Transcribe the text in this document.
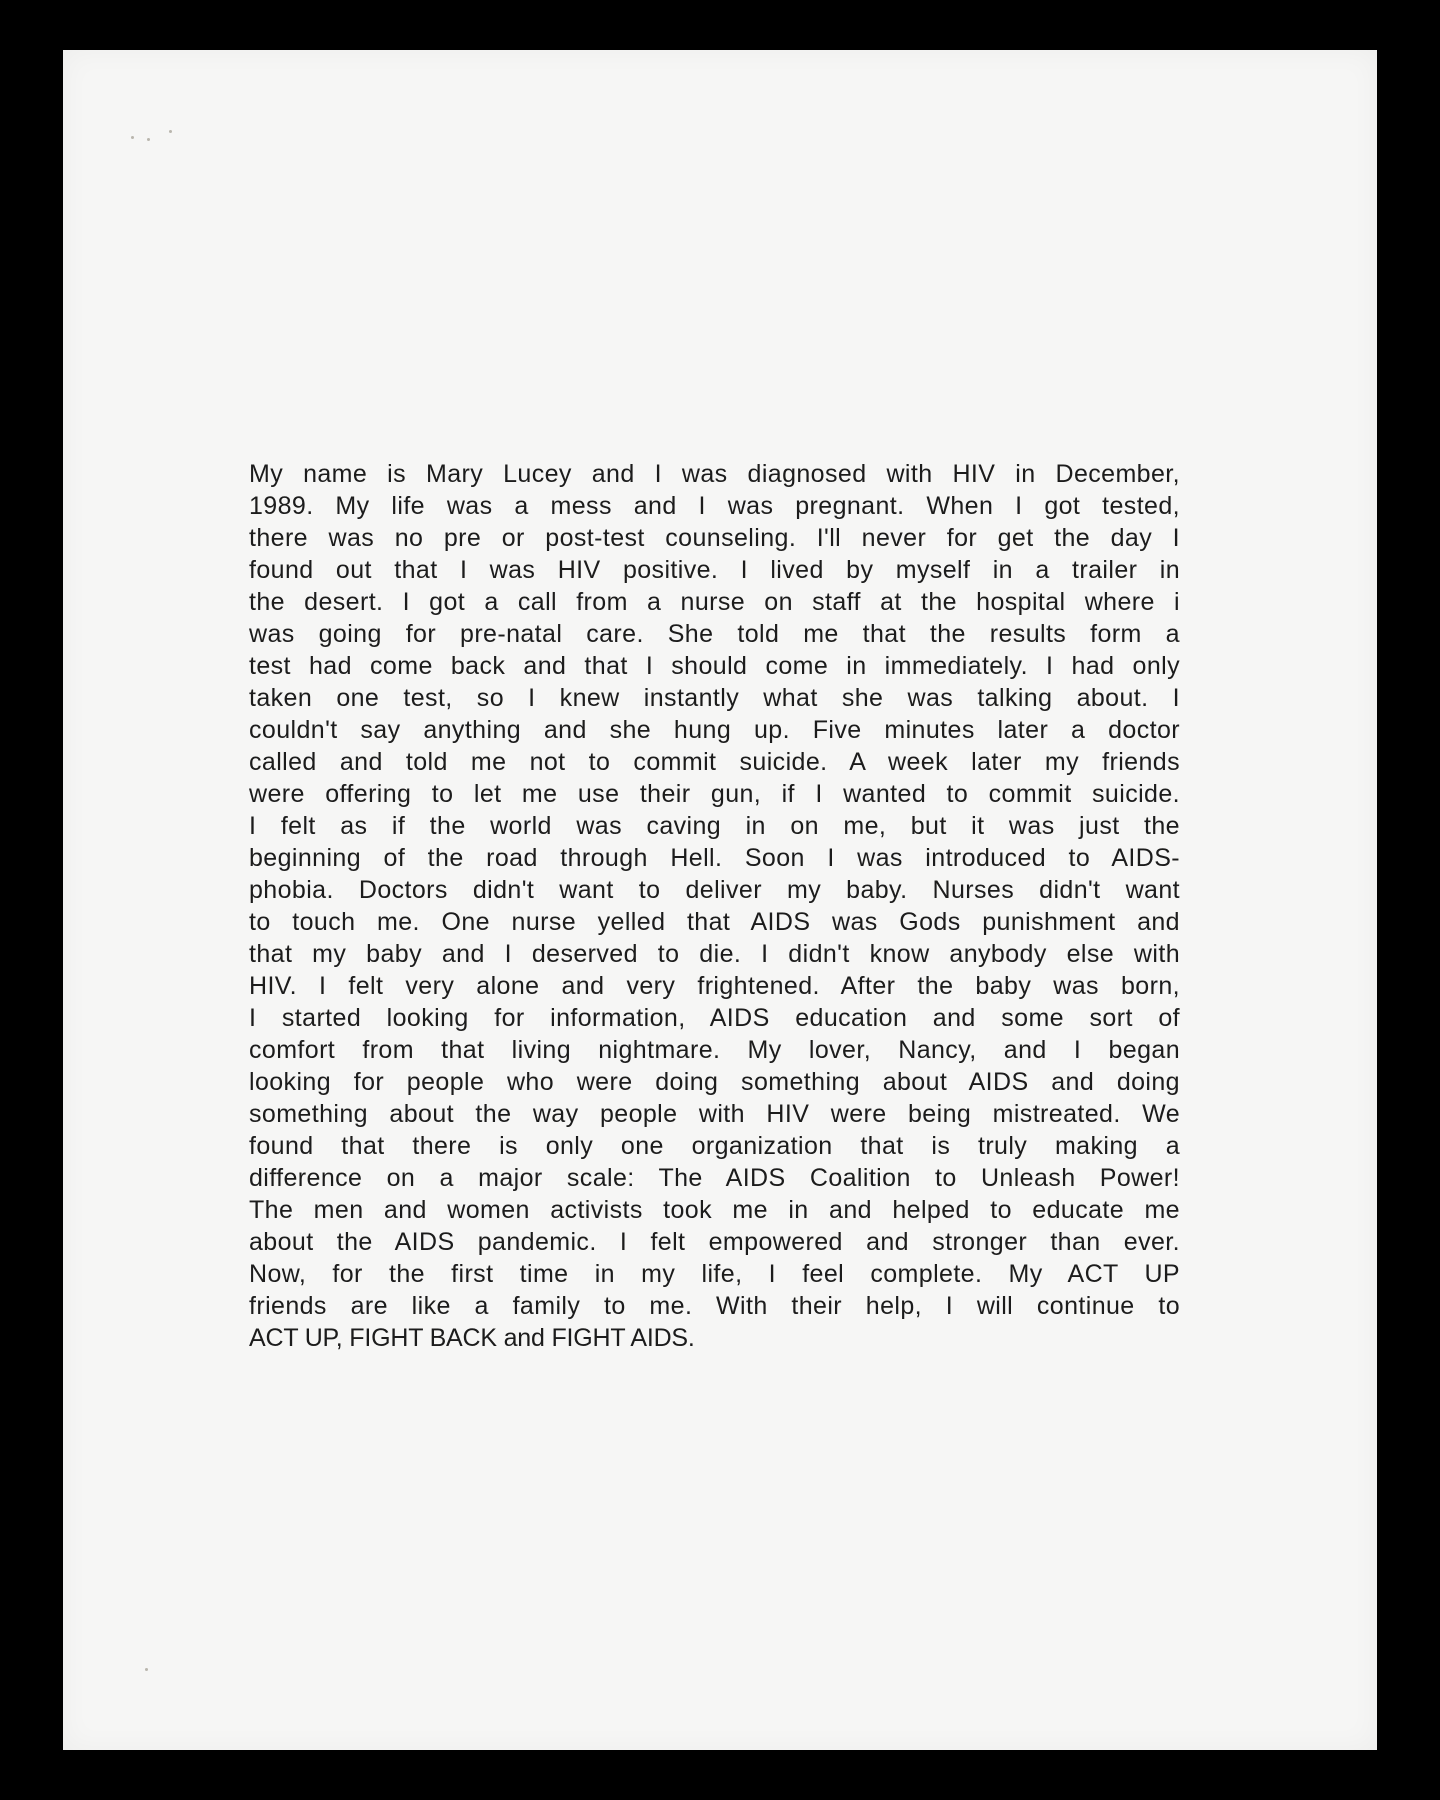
My name is Mary Lucey and I was diagnosed with HIV in December,
1989. My life was a mess and I was pregnant. When I got tested,
there was no pre or post-test counseling. I'll never for get the day I
found out that I was HIV positive. I lived by myself in a trailer in
the desert. I got a call from a nurse on staff at the hospital where i
was going for pre-natal care. She told me that the results form a
test had come back and that I should come in immediately. I had only
taken one test, so I knew instantly what she was talking about. I
couldn't say anything and she hung up. Five minutes later a doctor
called and told me not to commit suicide. A week later my friends
were offering to let me use their gun, if I wanted to commit suicide.
I felt as if the world was caving in on me, but it was just the
beginning of the road through Hell. Soon I was introduced to AIDS-
phobia. Doctors didn't want to deliver my baby. Nurses didn't want
to touch me. One nurse yelled that AIDS was Gods punishment and
that my baby and I deserved to die. I didn't know anybody else with
HIV. I felt very alone and very frightened. After the baby was born,
I started looking for information, AIDS education and some sort of
comfort from that living nightmare. My lover, Nancy, and I began
looking for people who were doing something about AIDS and doing
something about the way people with HIV were being mistreated. We
found that there is only one organization that is truly making a
difference on a major scale: The AIDS Coalition to Unleash Power!
The men and women activists took me in and helped to educate me
about the AIDS pandemic. I felt empowered and stronger than ever.
Now, for the first time in my life, I feel complete. My ACT UP
friends are like a family to me. With their help, I will continue to
ACT UP, FIGHT BACK and FIGHT AIDS.
